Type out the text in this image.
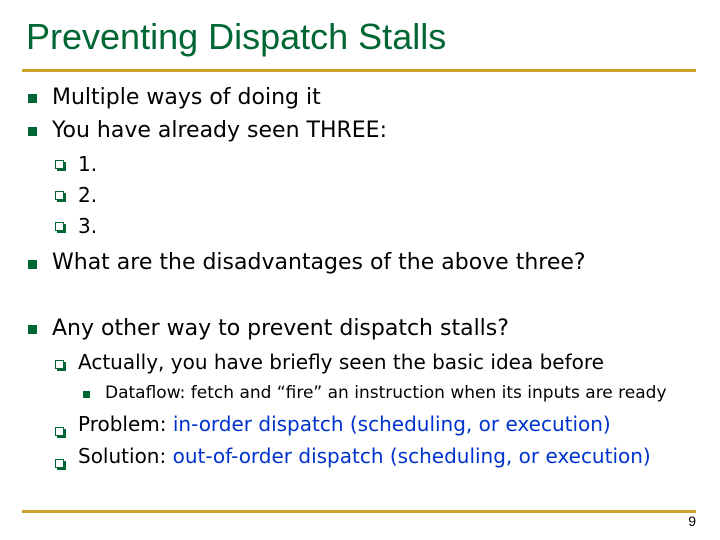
Preventing Dispatch Stalls
Multiple ways of doing it
You have already seen THREE:
1.
2.
3.
What are the disadvantages of the above three?
Any other way to prevent dispatch stalls?
Actually, you have briefly seen the basic idea before
Dataflow: fetch and “fire” an instruction when its inputs are ready
Problem: in-order dispatch (scheduling, or execution)
Solution: out-of-order dispatch (scheduling, or execution)
9
